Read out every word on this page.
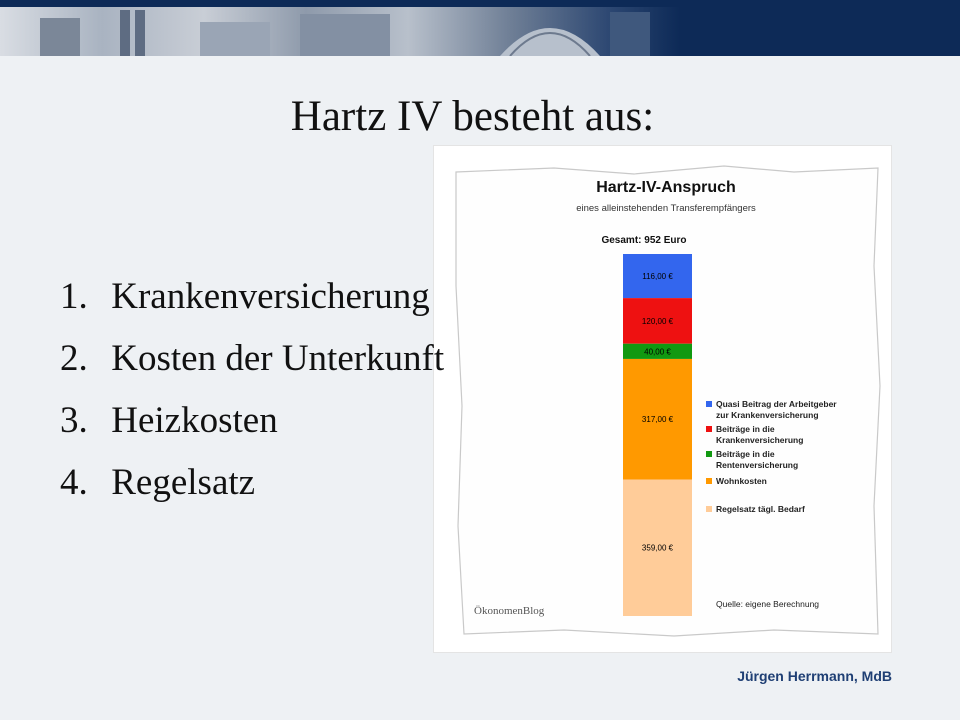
Hartz IV besteht aus:
Hartz-IV-Anspruch
eines alleinstehenden Transferempfängers
Gesamt: 952 Euro
116,00 €
120,00 €
40,00 €
317,00 €
359,00 €
Quasi Beitrag der Arbeitgeber
zur Krankenversicherung
Beiträge in die
Krankenversicherung
Beiträge in die
Rentenversicherung
Wohnkosten
Regelsatz tägl. Bedarf
Quelle: eigene Berechnung
ÖkonomenBlog
1. Krankenversicherung
2. Kosten der Unterkunft
3. Heizkosten
4. Regelsatz
Jürgen Herrmann, MdB
